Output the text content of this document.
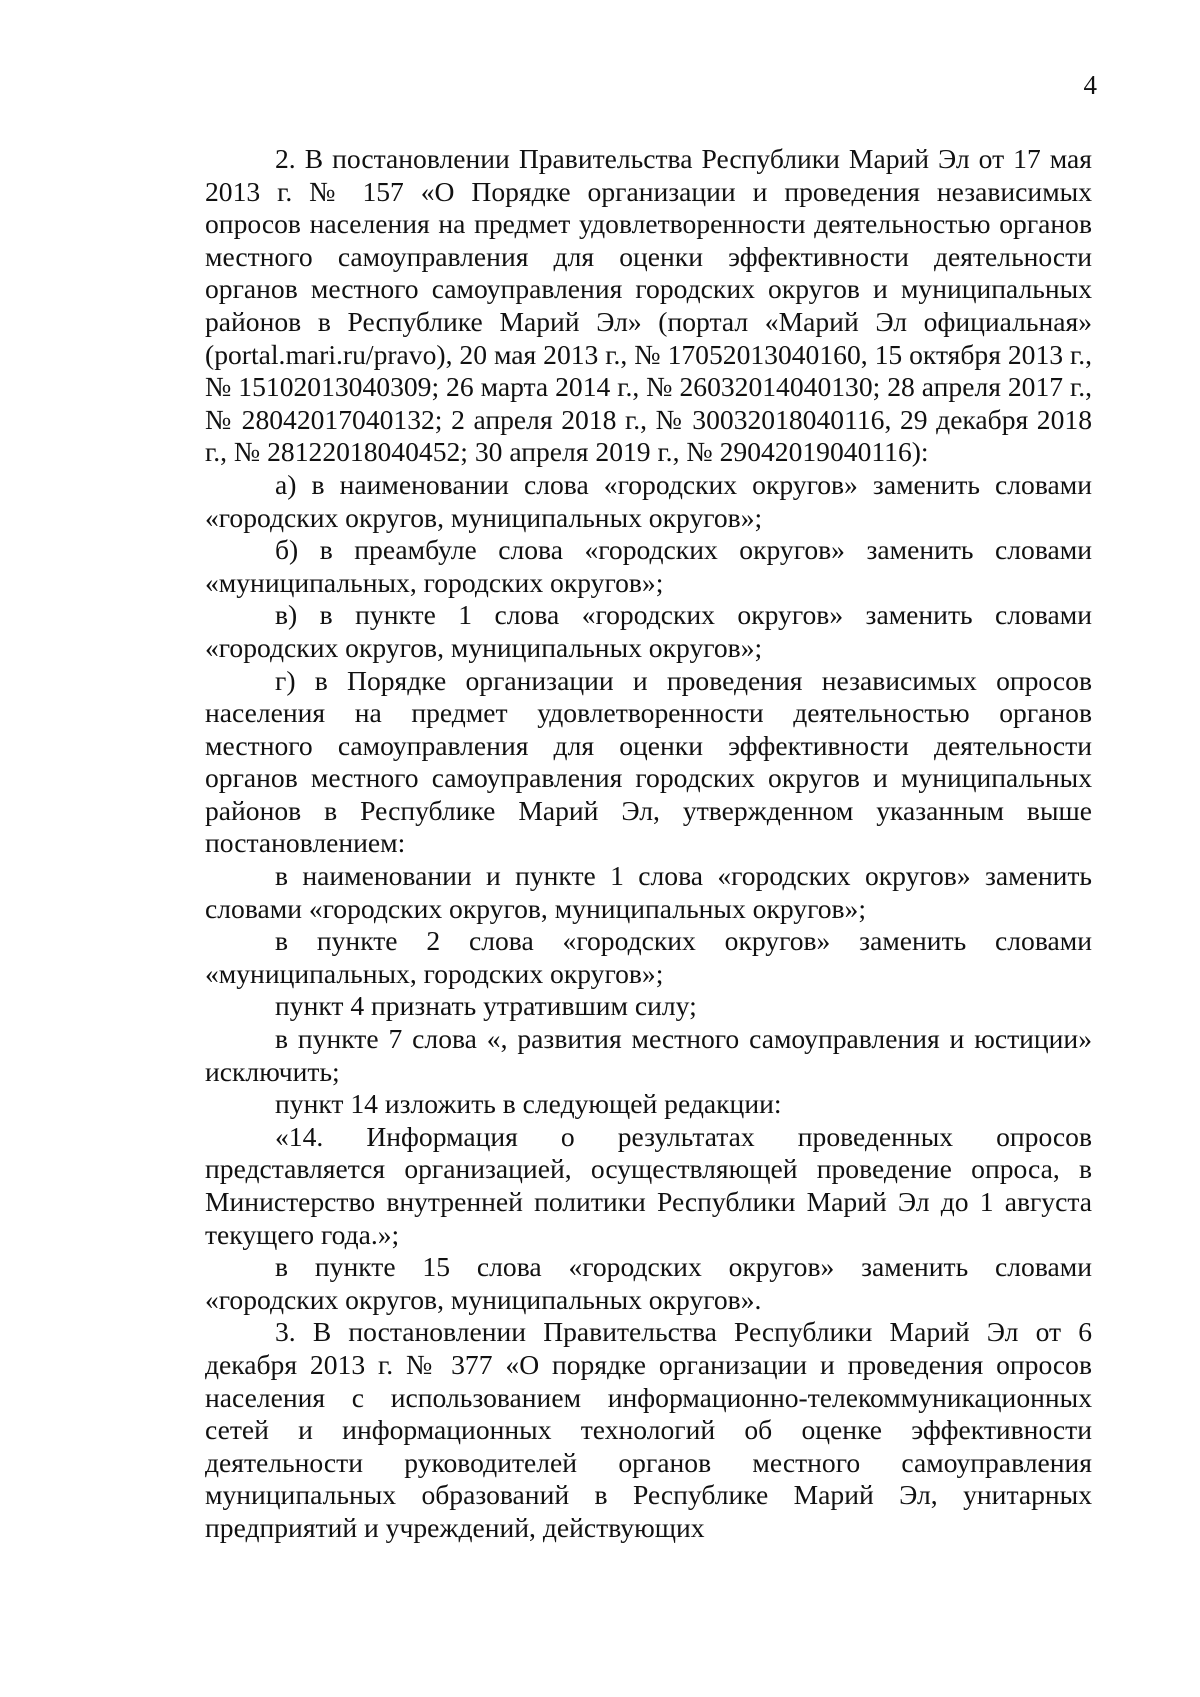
4

2. В постановлении Правительства Республики Марий Эл от 17 мая 2013 г. № 157 «О Порядке организации и проведения независимых опросов населения на предмет удовлетворенности деятельностью органов местного самоуправления для оценки эффективности деятельности органов местного самоуправления городских округов и муниципальных районов в Республике Марий Эл» (портал «Марий Эл официальная» (portal.mari.ru/pravo), 20 мая 2013 г., № 17052013040160, 15 октября 2013 г., № 15102013040309; 26 марта 2014 г., № 26032014040130; 28 апреля 2017 г., № 28042017040132; 2 апреля 2018 г., № 30032018040116, 29 декабря 2018 г., № 28122018040452; 30 апреля 2019 г., № 29042019040116):

а) в наименовании слова «городских округов» заменить словами «городских округов, муниципальных округов»;

б) в преамбуле слова «городских округов» заменить словами «муниципальных, городских округов»;

в) в пункте 1 слова «городских округов» заменить словами «городских округов, муниципальных округов»;

г) в Порядке организации и проведения независимых опросов населения на предмет удовлетворенности деятельностью органов местного самоуправления для оценки эффективности деятельности органов местного самоуправления городских округов и муниципальных районов в Республике Марий Эл, утвержденном указанным выше постановлением:

в наименовании и пункте 1 слова «городских округов» заменить словами «городских округов, муниципальных округов»;

в пункте 2 слова «городских округов» заменить словами «муниципальных, городских округов»;

пункт 4 признать утратившим силу;

в пункте 7 слова «, развития местного самоуправления и юстиции» исключить;

пункт 14 изложить в следующей редакции:

«14. Информация о результатах проведенных опросов представляется организацией, осуществляющей проведение опроса, в Министерство внутренней политики Республики Марий Эл до 1 августа текущего года.»;

в пункте 15 слова «городских округов» заменить словами «городских округов, муниципальных округов».

3. В постановлении Правительства Республики Марий Эл от 6 декабря 2013 г. № 377 «О порядке организации и проведения опросов населения с использованием информационно-телекоммуникационных сетей и информационных технологий об оценке эффективности деятельности руководителей органов местного самоуправления муниципальных образований в Республике Марий Эл, унитарных предприятий и учреждений, действующих
